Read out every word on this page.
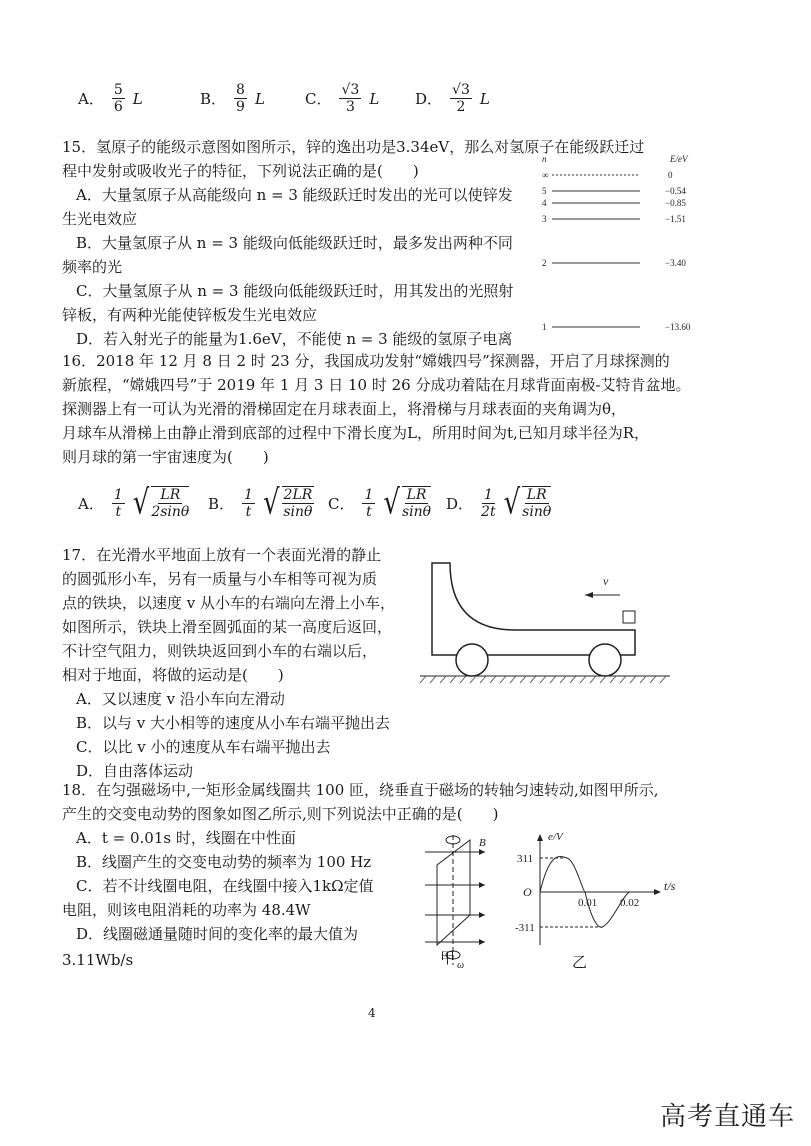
A． $\frac{5}{6}$ L	B． $\frac{8}{9}$ L	C． $\frac{√3}{3}$ L D． $\frac{√3}{2}$ L
15．氢原子的能级示意图如图所示，锌的逸出功是3.34eV，那么对氢原子在能级跃迁过
程中发射或吸收光子的特征，下列说法正确的是(　　)
A．大量氢原子从高能级向 n = 3 能级跃迁时发出的光可以使锌发
生光电效应
B．大量氢原子从 n = 3 能级向低能级跃迁时，最多发出两种不同
频率的光
C．大量氢原子从 n = 3 能级向低能级跃迁时，用其发出的光照射
锌板，有两种光能使锌板发生光电效应
D．若入射光子的能量为1.6eV，不能使 n = 3 能级的氢原子电离
n	E/eV
∞	0
5	−0.54
4	−0.85
3	−1.51
2	−3.40
1	−13.60
16．2018 年 12 月 8 日 2 时 23 分，我国成功发射“嫦娥四号”探测器，开启了月球探测的
新旅程，“嫦娥四号”于 2019 年 1 月 3 日 10 时 26 分成功着陆在月球背面南极-艾特肯盆地。
探测器上有一可认为光滑的滑梯固定在月球表面上，将滑梯与月球表面的夹角调为θ，
月球车从滑梯上由静止滑到底部的过程中下滑长度为L，所用时间为t,已知月球半径为R，
则月球的第一宇宙速度为(　　)
A． $\frac{1}{t}$ √ $\frac{LR}{2\sin\theta}$ B． $\frac{1}{t}$ √ $\frac{2LR}{\sin\theta}$ C． $\frac{1}{t}$ √ $\frac{LR}{\sin\theta}$ D． $\frac{1}{2t}$ √ $\frac{LR}{\sin\theta}$
17．在光滑水平地面上放有一个表面光滑的静止
的圆弧形小车，另有一质量与小车相等可视为质
点的铁块，以速度 v 从小车的右端向左滑上小车，
如图所示，铁块上滑至圆弧面的某一高度后返回，
不计空气阻力，则铁块返回到小车的右端以后，
相对于地面，将做的运动是(　　)
A．又以速度 v 沿小车向左滑动
B．以与 v 大小相等的速度从小车右端平抛出去
C．以比 v 小的速度从车右端平抛出去
D．自由落体运动
v
18．在匀强磁场中,一矩形金属线圈共 100 匝，绕垂直于磁场的转轴匀速转动,如图甲所示,
产生的交变电动势的图象如图乙所示,则下列说法中正确的是(　　)
A．t = 0.01s 时，线圈在中性面
B．线圈产生的交变电动势的频率为 100 Hz
C．若不计线圈电阻，在线圈中接入1kΩ定值
电阻，则该电阻消耗的功率为 48.4W
D．线圈磁通量随时间的变化率的最大值为
3.11Wb/s
B
ω
甲
e/V
t/s
O
311
-311
0.01 0.02
乙
4
高考直通车
